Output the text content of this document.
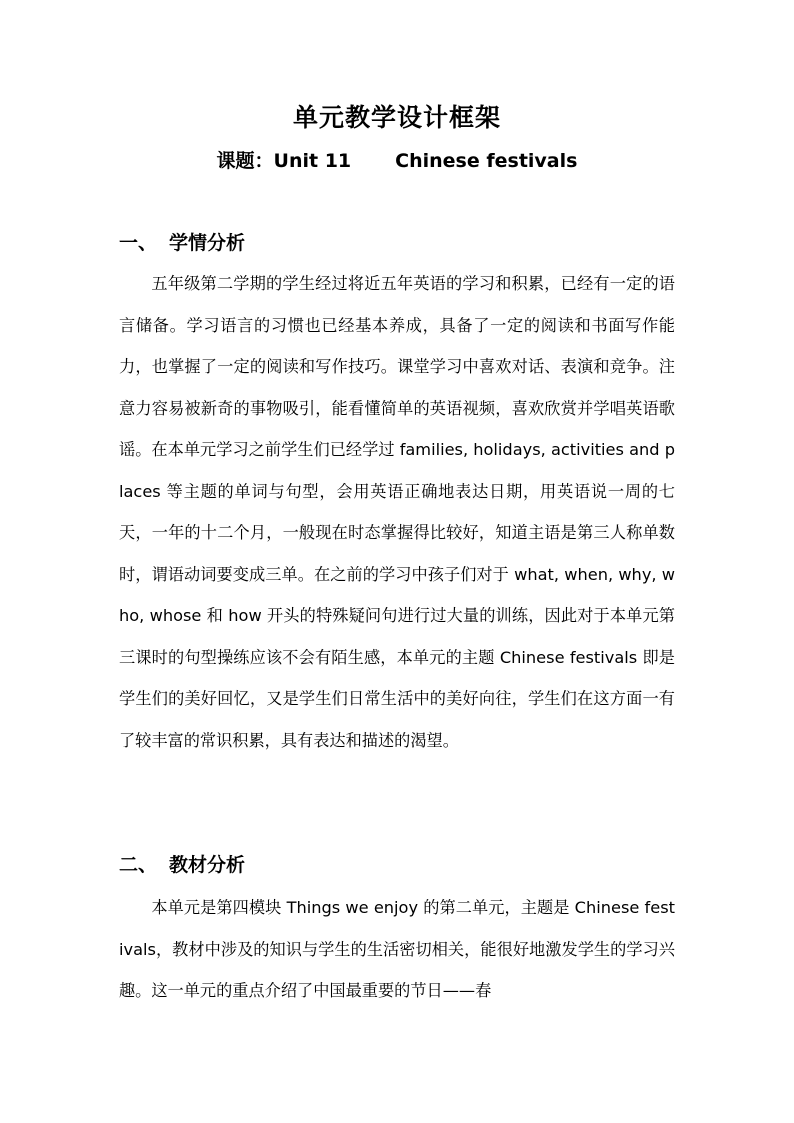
单元教学设计框架
课题：Unit 11 Chinese festivals
一、 学情分析

五年级第二学期的学生经过将近五年英语的学习和积累，已经有一定的语言储备。学习语言的习惯也已经基本养成，具备了一定的阅读和书面写作能力，也掌握了一定的阅读和写作技巧。课堂学习中喜欢对话、表演和竞争。注意力容易被新奇的事物吸引，能看懂简单的英语视频，喜欢欣赏并学唱英语歌谣。在本单元学习之前学生们已经学过 families, holidays, activities and places 等主题的单词与句型，会用英语正确地表达日期，用英语说一周的七天，一年的十二个月，一般现在时态掌握得比较好，知道主语是第三人称单数时，谓语动词要变成三单。在之前的学习中孩子们对于 what, when, why, who, whose 和 how 开头的特殊疑问句进行过大量的训练，因此对于本单元第三课时的句型操练应该不会有陌生感，本单元的主题 Chinese festivals 即是学生们的美好回忆，又是学生们日常生活中的美好向往，学生们在这方面一有了较丰富的常识积累，具有表达和描述的渴望。

二、 教材分析

本单元是第四模块 Things we enjoy 的第二单元，主题是 Chinese festivals，教材中涉及的知识与学生的生活密切相关，能很好地激发学生的学习兴趣。这一单元的重点介绍了中国最重要的节日——春
